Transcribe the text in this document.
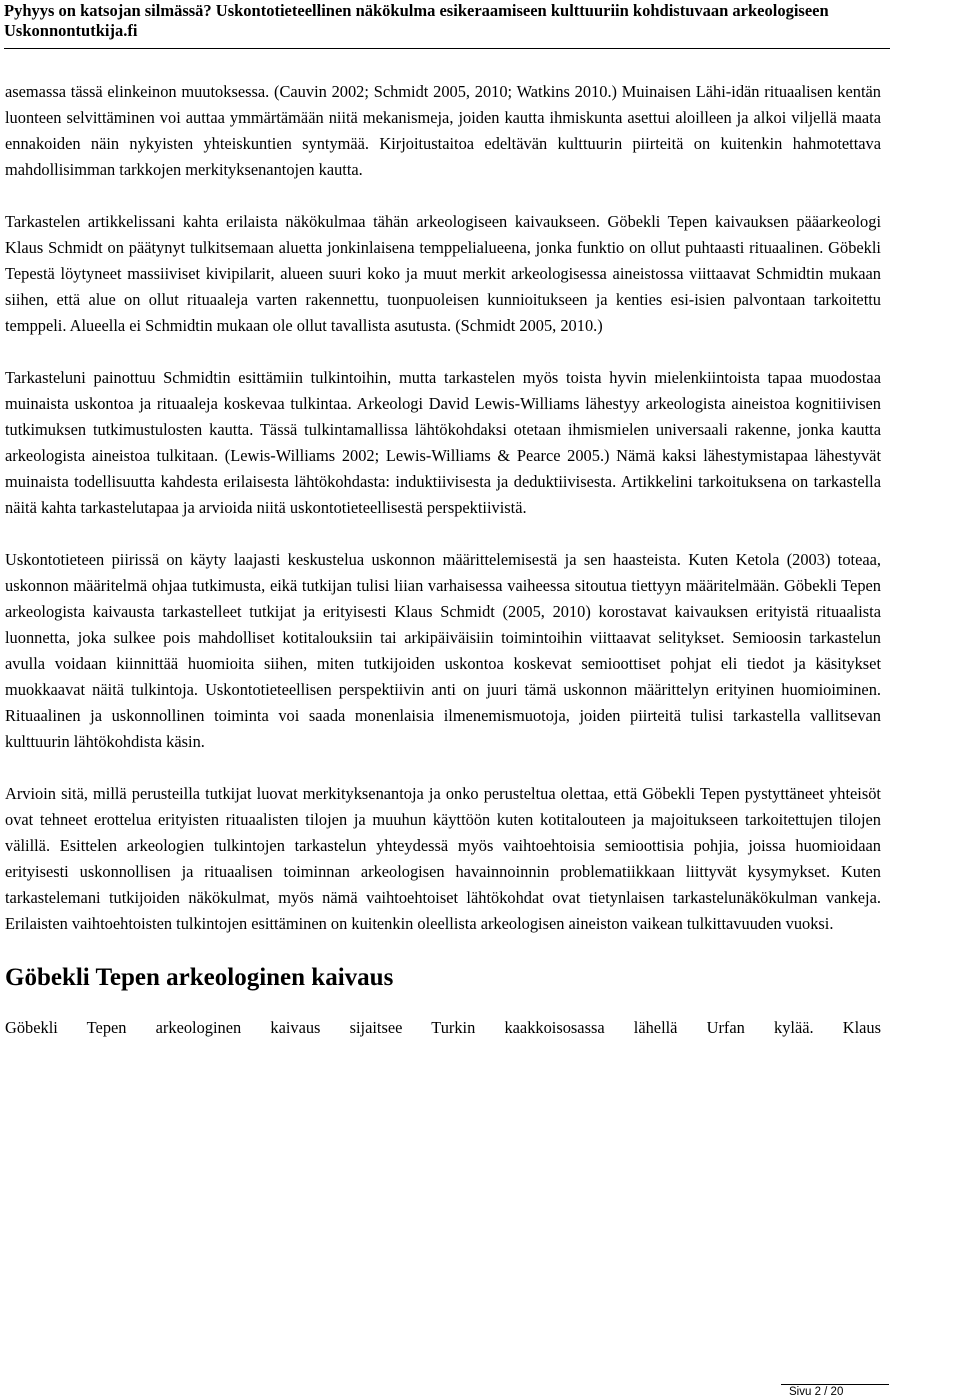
Pyhyys on katsojan silmässä? Uskontotieteellinen näkökulma esikeraamiseen kulttuuriin kohdistuvaan arkeologiseen
Uskonnontutkija.fi

asemassa tässä elinkeinon muutoksessa. (Cauvin 2002; Schmidt 2005, 2010; Watkins 2010.) Muinaisen Lähi-idän rituaalisen kentän luonteen selvittäminen voi auttaa ymmärtämään niitä mekanismeja, joiden kautta ihmiskunta asettui aloilleen ja alkoi viljellä maata ennakoiden näin nykyisten yhteiskuntien syntymää. Kirjoitustaitoa edeltävän kulttuurin piirteitä on kuitenkin hahmotettava mahdollisimman tarkkojen merkityksenantojen kautta.

Tarkastelen artikkelissani kahta erilaista näkökulmaa tähän arkeologiseen kaivaukseen. Göbekli Tepen kaivauksen pääarkeologi Klaus Schmidt on päätynyt tulkitsemaan aluetta jonkinlaisena temppelialueena, jonka funktio on ollut puhtaasti rituaalinen. Göbekli Tepestä löytyneet massiiviset kivipilarit, alueen suuri koko ja muut merkit arkeologisessa aineistossa viittaavat Schmidtin mukaan siihen, että alue on ollut rituaaleja varten rakennettu, tuonpuoleisen kunnioitukseen ja kenties esi-isien palvontaan tarkoitettu temppeli. Alueella ei Schmidtin mukaan ole ollut tavallista asutusta. (Schmidt 2005, 2010.)

Tarkasteluni painottuu Schmidtin esittämiin tulkintoihin, mutta tarkastelen myös toista hyvin mielenkiintoista tapaa muodostaa muinaista uskontoa ja rituaaleja koskevaa tulkintaa. Arkeologi David Lewis-Williams lähestyy arkeologista aineistoa kognitiivisen tutkimuksen tutkimustulosten kautta. Tässä tulkintamallissa lähtökohdaksi otetaan ihmismielen universaali rakenne, jonka kautta arkeologista aineistoa tulkitaan. (Lewis-Williams 2002; Lewis-Williams & Pearce 2005.) Nämä kaksi lähestymistapaa lähestyvät muinaista todellisuutta kahdesta erilaisesta lähtökohdasta: induktiivisesta ja deduktiivisesta. Artikkelini tarkoituksena on tarkastella näitä kahta tarkastelutapaa ja arvioida niitä uskontotieteellisestä perspektiivistä.

Uskontotieteen piirissä on käyty laajasti keskustelua uskonnon määrittelemisestä ja sen haasteista. Kuten Ketola (2003) toteaa, uskonnon määritelmä ohjaa tutkimusta, eikä tutkijan tulisi liian varhaisessa vaiheessa sitoutua tiettyyn määritelmään. Göbekli Tepen arkeologista kaivausta tarkastelleet tutkijat ja erityisesti Klaus Schmidt (2005, 2010) korostavat kaivauksen erityistä rituaalista luonnetta, joka sulkee pois mahdolliset kotitalouksiin tai arkipäiväisiin toimintoihin viittaavat selitykset. Semioosin tarkastelun avulla voidaan kiinnittää huomioita siihen, miten tutkijoiden uskontoa koskevat semioottiset pohjat eli tiedot ja käsitykset muokkaavat näitä tulkintoja. Uskontotieteellisen perspektiivin anti on juuri tämä uskonnon määrittelyn erityinen huomioiminen. Rituaalinen ja uskonnollinen toiminta voi saada monenlaisia ilmenemismuotoja, joiden piirteitä tulisi tarkastella vallitsevan kulttuurin lähtökohdista käsin.

Arvioin sitä, millä perusteilla tutkijat luovat merkityksenantoja ja onko perusteltua olettaa, että Göbekli Tepen pystyttäneet yhteisöt ovat tehneet erottelua erityisten rituaalisten tilojen ja muuhun käyttöön kuten kotitalouteen ja majoitukseen tarkoitettujen tilojen välillä. Esittelen arkeologien tulkintojen tarkastelun yhteydessä myös vaihtoehtoisia semioottisia pohjia, joissa huomioidaan erityisesti uskonnollisen ja rituaalisen toiminnan arkeologisen havainnoinnin problematiikkaan liittyvät kysymykset. Kuten tarkastelemani tutkijoiden näkökulmat, myös nämä vaihtoehtoiset lähtökohdat ovat tietynlaisen tarkastelunäkökulman vankeja. Erilaisten vaihtoehtoisten tulkintojen esittäminen on kuitenkin oleellista arkeologisen aineiston vaikean tulkittavuuden vuoksi.

Göbekli Tepen arkeologinen kaivaus

Göbekli Tepen arkeologinen kaivaus sijaitsee Turkin kaakkoisosassa lähellä Urfan kylää. Klaus

Sivu 2 / 20
